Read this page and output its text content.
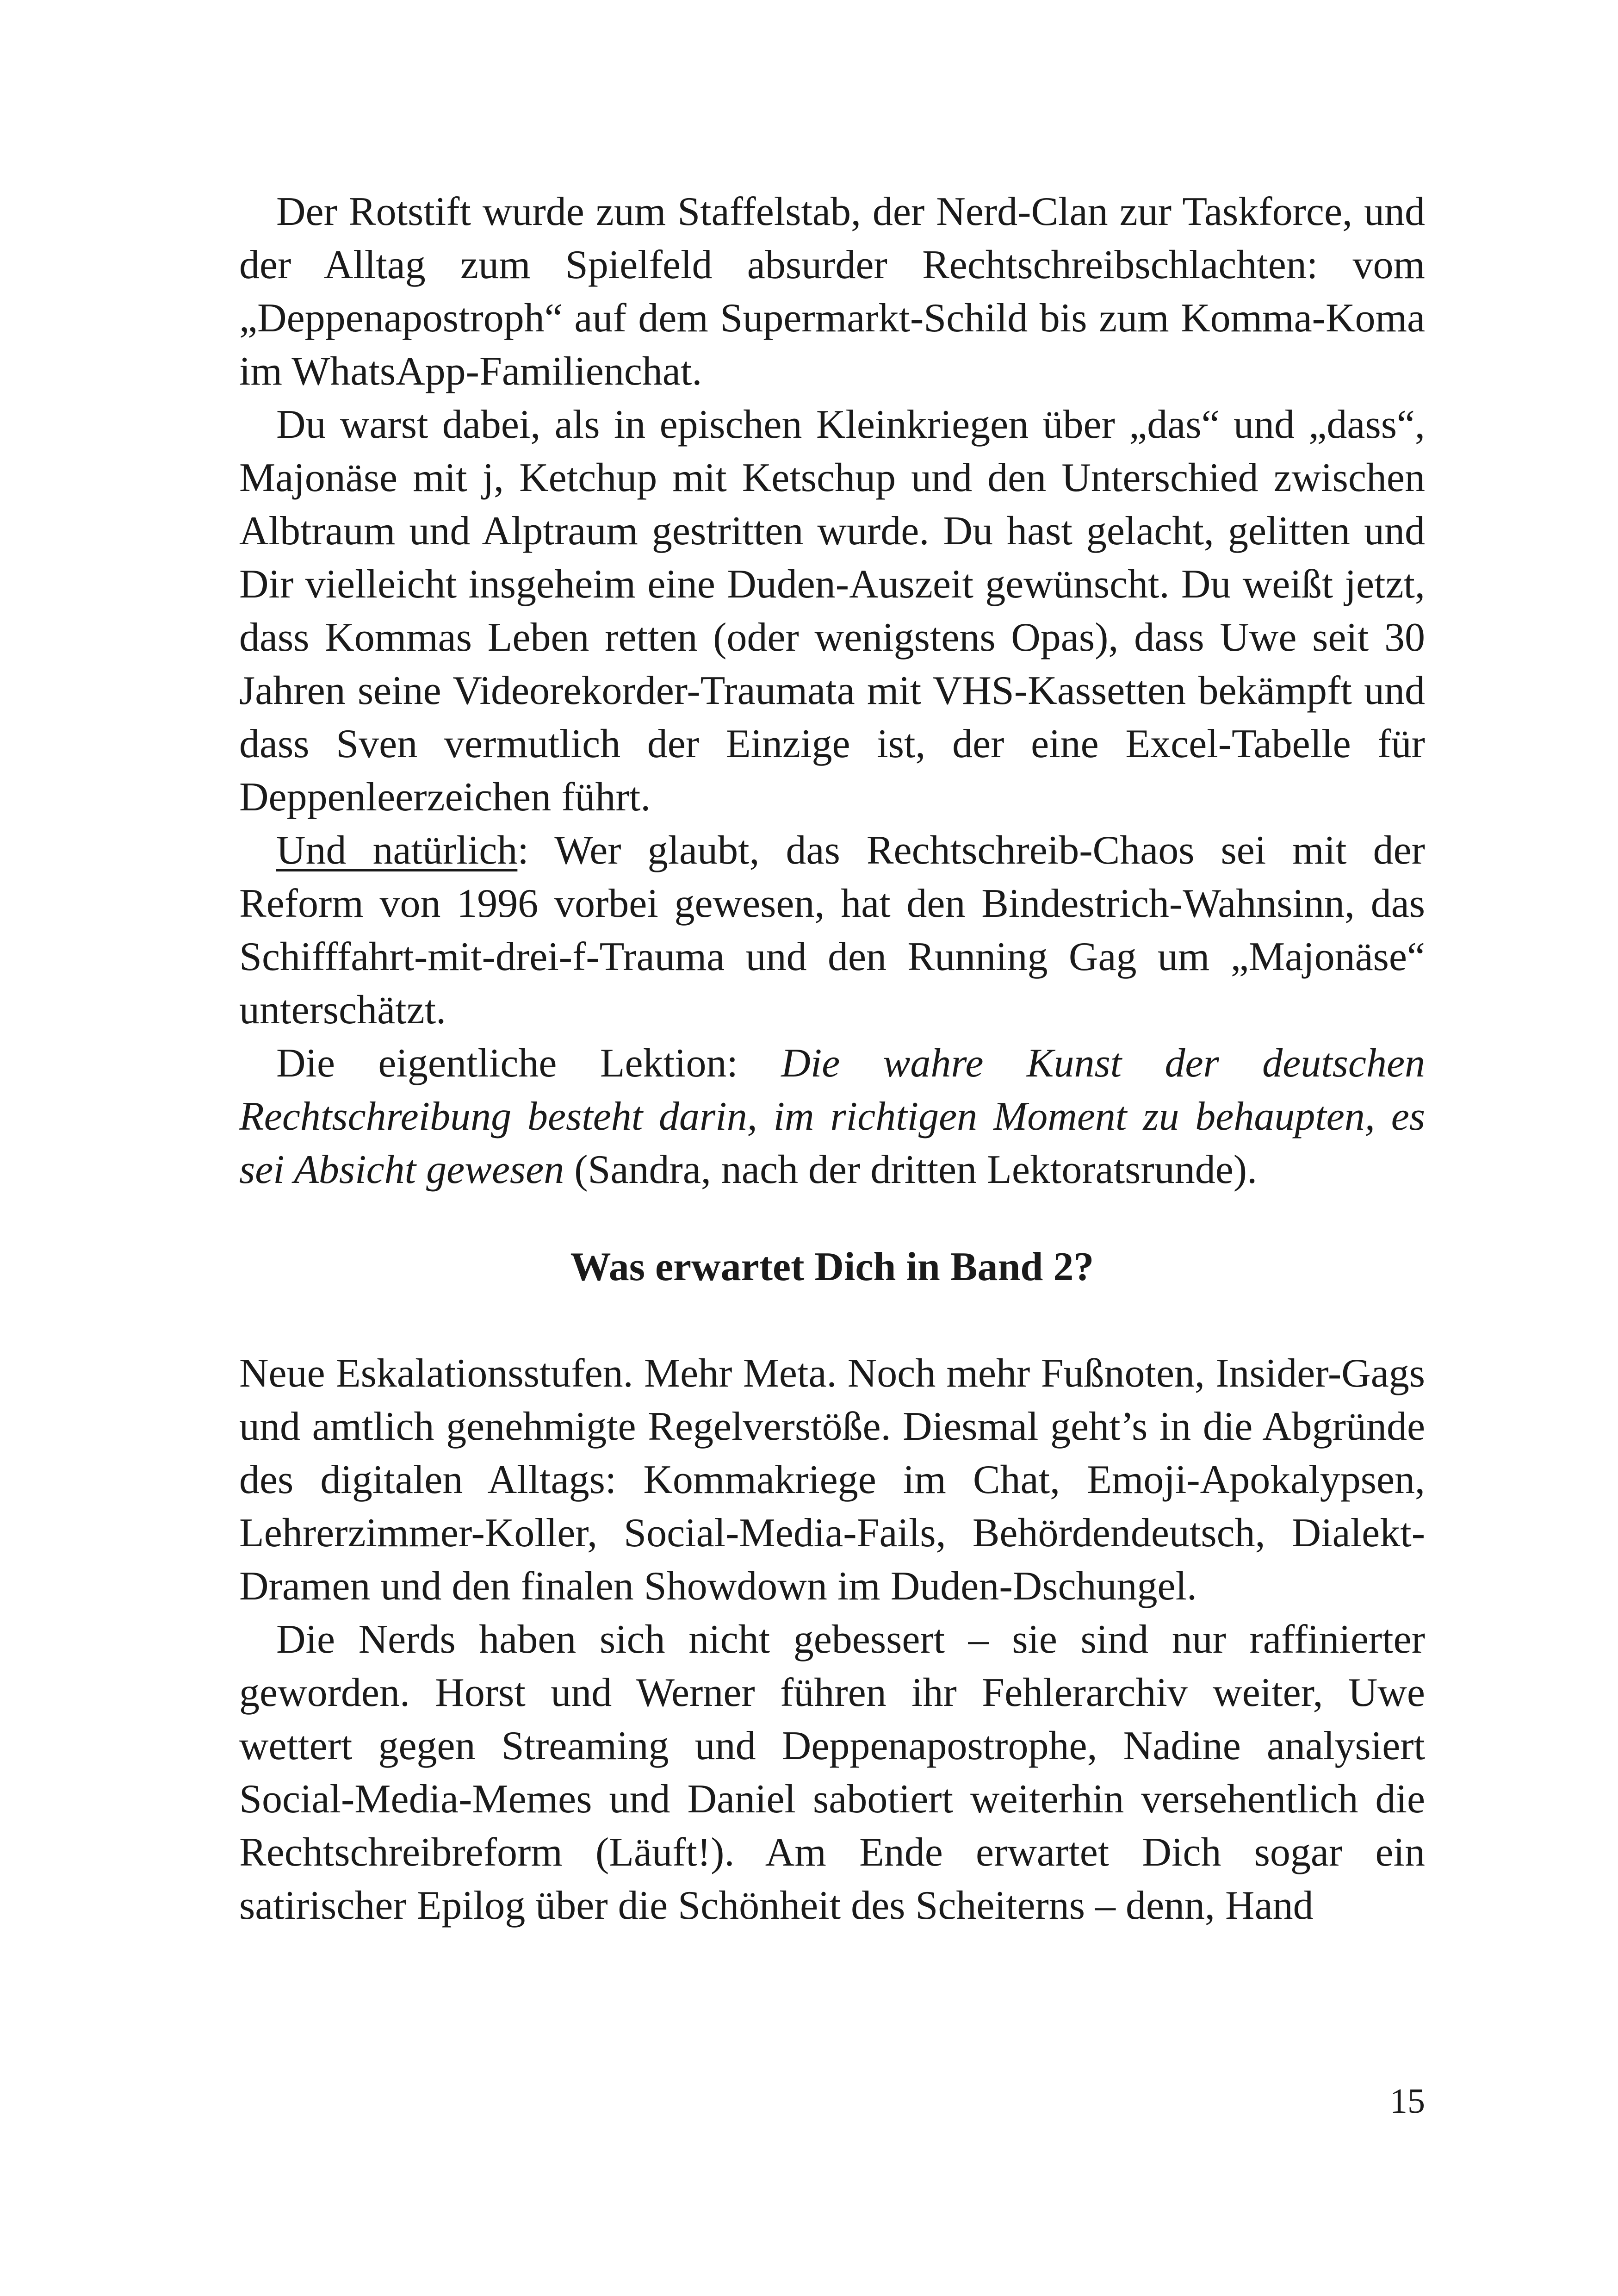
Der Rotstift wurde zum Staffelstab, der Nerd-Clan zur Taskforce, und der Alltag zum Spielfeld absurder Rechtschreibschlachten: vom „Deppenapostroph“ auf dem Supermarkt-Schild bis zum Komma-Koma im WhatsApp-Familienchat.

Du warst dabei, als in epischen Kleinkriegen über „das“ und „dass“, Majonäse mit j, Ketchup mit Ketschup und den Unterschied zwischen Albtraum und Alptraum gestritten wurde. Du hast gelacht, gelitten und Dir vielleicht insgeheim eine Duden-Auszeit gewünscht. Du weißt jetzt, dass Kommas Leben retten (oder wenigstens Opas), dass Uwe seit 30 Jahren seine Videorekorder-Traumata mit VHS-Kassetten bekämpft und dass Sven vermutlich der Einzige ist, der eine Excel-Tabelle für Deppenleerzeichen führt.

Und natürlich: Wer glaubt, das Rechtschreib-Chaos sei mit der Reform von 1996 vorbei gewesen, hat den Bindestrich-Wahnsinn, das Schifffahrt-mit-drei-f-Trauma und den Running Gag um „Majonäse“ unterschätzt.

Die eigentliche Lektion: Die wahre Kunst der deutschen Rechtschreibung besteht darin, im richtigen Moment zu behaupten, es sei Absicht gewesen (Sandra, nach der dritten Lektoratsrunde).

Was erwartet Dich in Band 2?

Neue Eskalationsstufen. Mehr Meta. Noch mehr Fußnoten, Insider-Gags und amtlich genehmigte Regelverstöße. Diesmal geht’s in die Abgründe des digitalen Alltags: Kommakriege im Chat, Emoji-Apokalypsen, Lehrerzimmer-Koller, Social-Media-Fails, Behördendeutsch, Dialekt-Dramen und den finalen Showdown im Duden-Dschungel.

Die Nerds haben sich nicht gebessert – sie sind nur raffinierter geworden. Horst und Werner führen ihr Fehlerarchiv weiter, Uwe wettert gegen Streaming und Deppenapostrophe, Nadine analysiert Social-Media-Memes und Daniel sabotiert weiterhin versehentlich die Rechtschreibreform (Läuft!). Am Ende erwartet Dich sogar ein satirischer Epilog über die Schönheit des Scheiterns – denn, Hand

15
